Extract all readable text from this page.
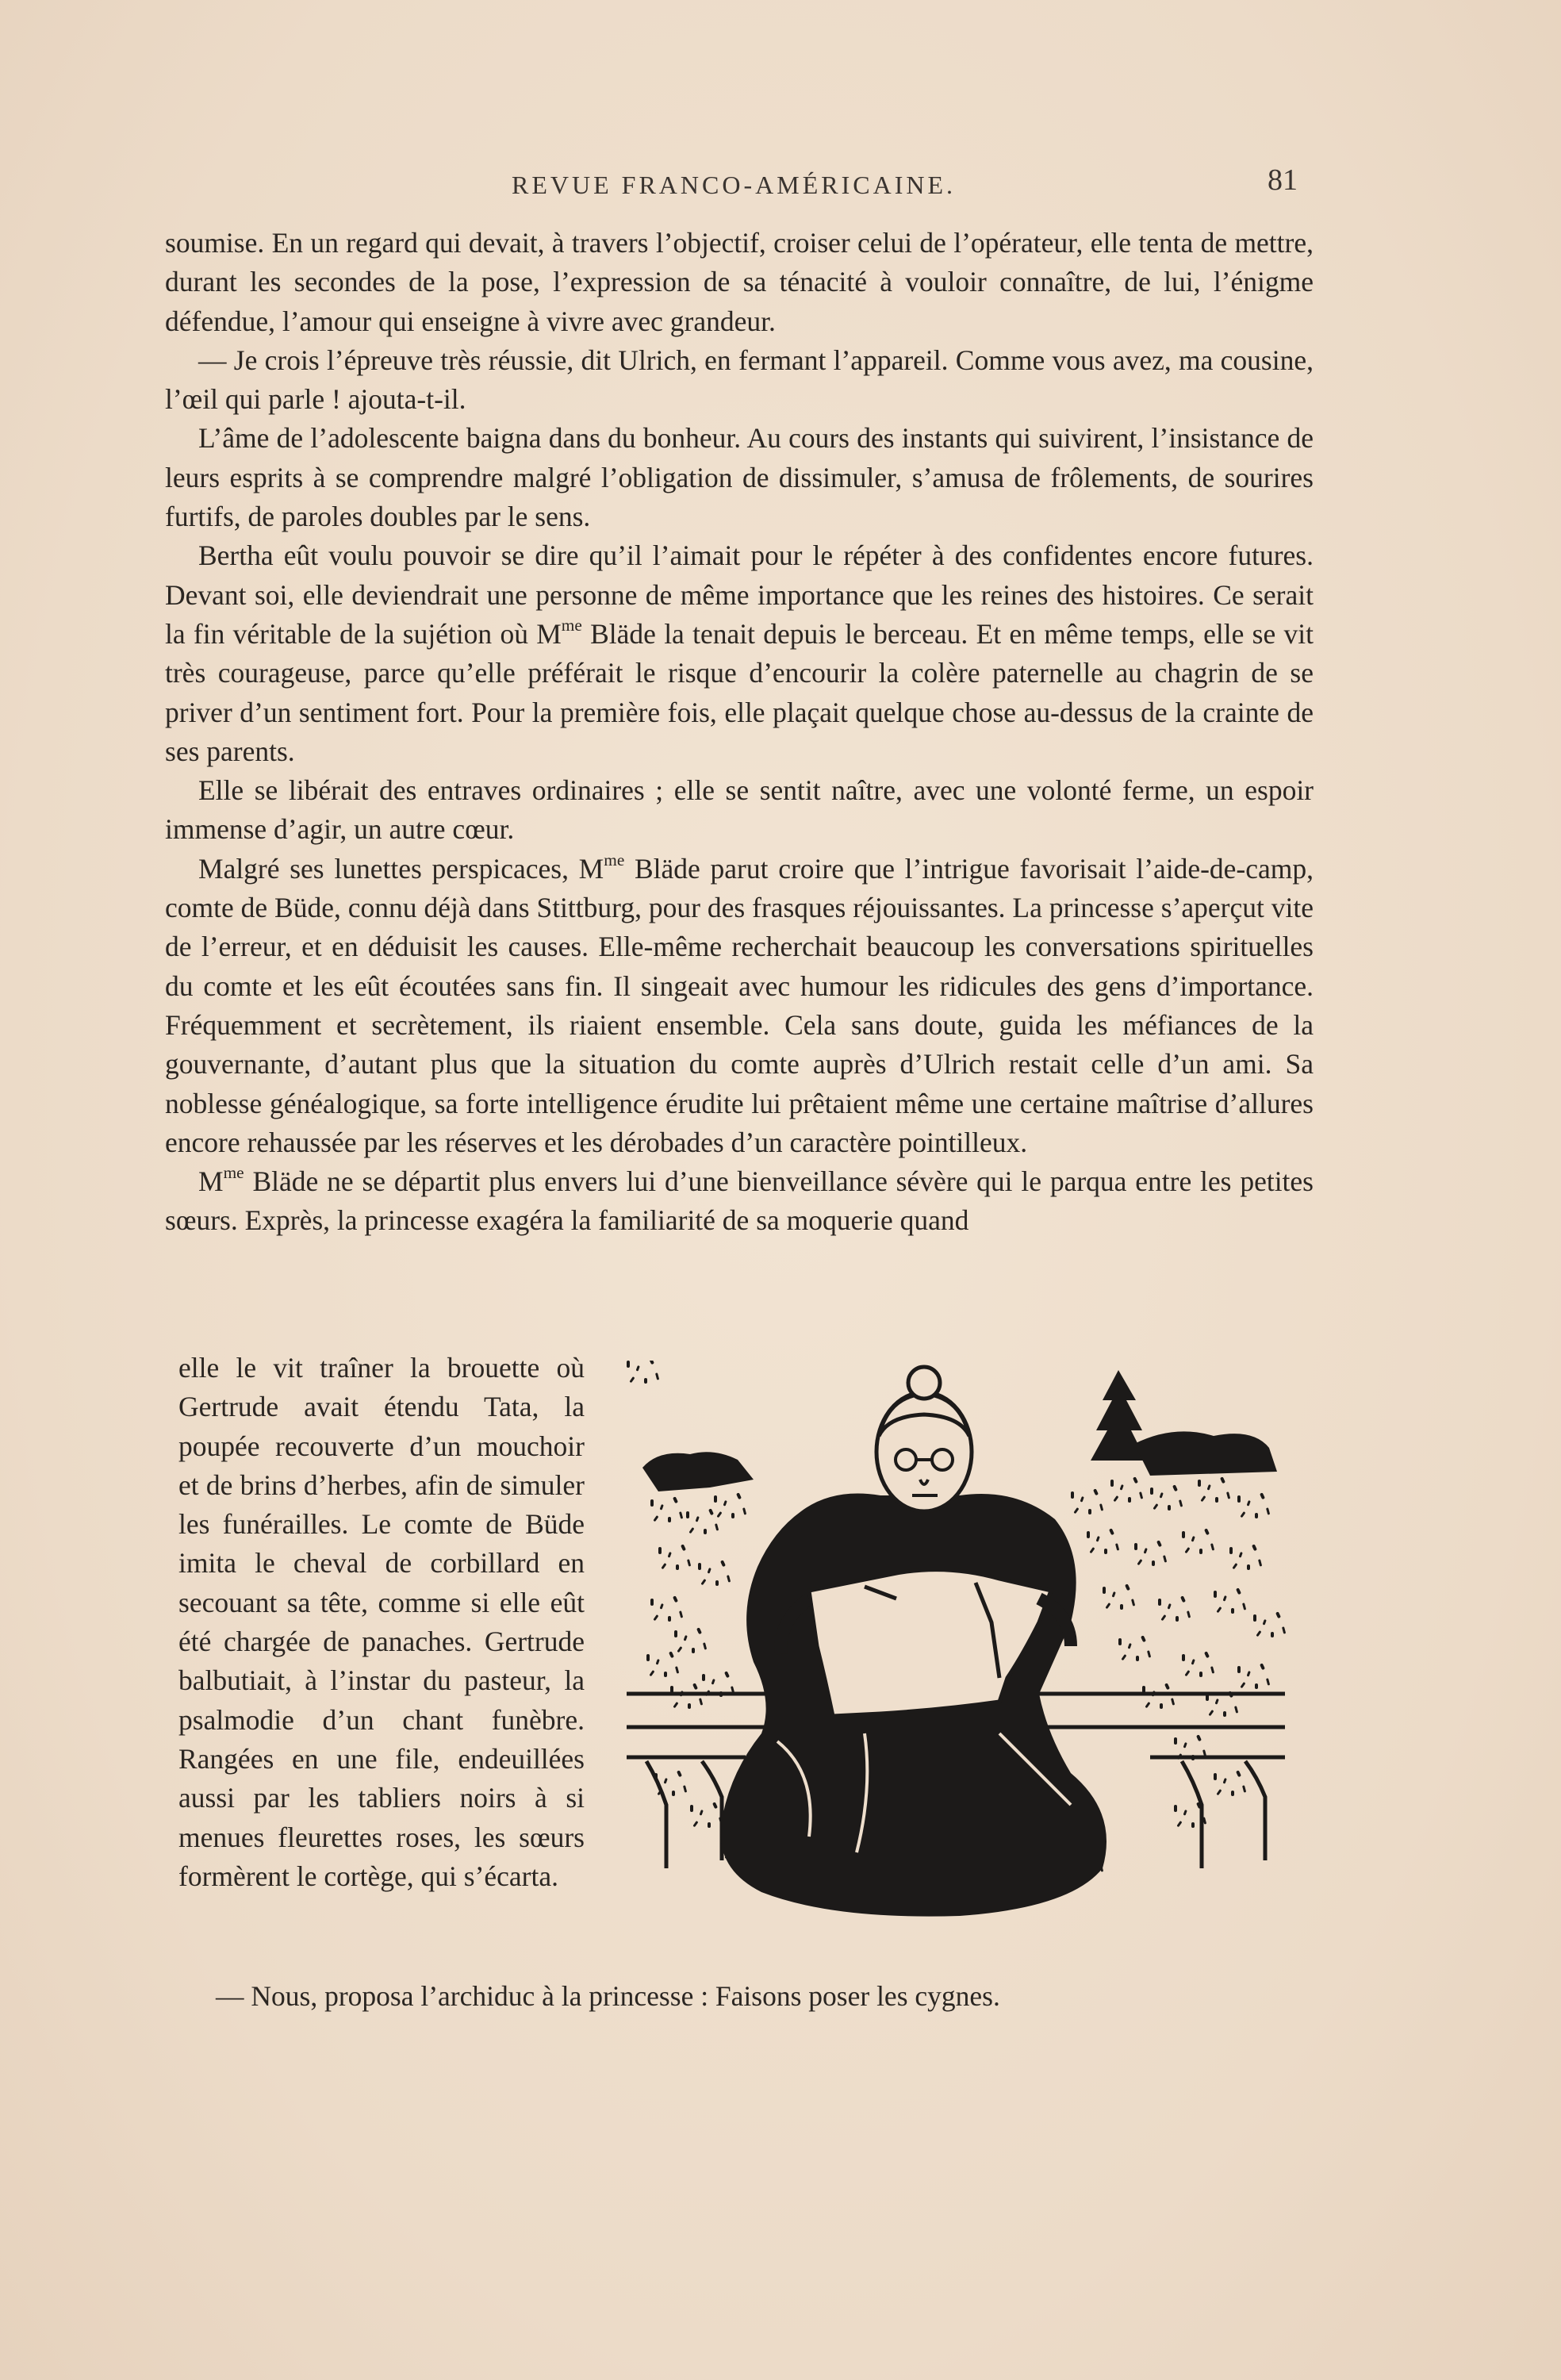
REVUE FRANCO-AMÉRICAINE.	81

soumise. En un regard qui devait, à travers l’objectif, croiser celui de l’opérateur, elle tenta de mettre, durant les secondes de la pose, l’expression de sa ténacité à vouloir connaître, de lui, l’énigme défendue, l’amour qui enseigne à vivre avec grandeur.

— Je crois l’épreuve très réussie, dit Ulrich, en fermant l’appareil. Comme vous avez, ma cousine, l’œil qui parle ! ajouta-t-il.

L’âme de l’adolescente baigna dans du bonheur. Au cours des instants qui suivirent, l’insistance de leurs esprits à se comprendre malgré l’obligation de dissimuler, s’amusa de frôlements, de sourires furtifs, de paroles doubles par le sens.

Bertha eût voulu pouvoir se dire qu’il l’aimait pour le répéter à des confidentes encore futures. Devant soi, elle deviendrait une personne de même importance que les reines des histoires. Ce serait la fin véritable de la sujétion où $M^{me}$ Bläde la tenait depuis le berceau. Et en même temps, elle se vit très courageuse, parce qu’elle préférait le risque d’encourir la colère paternelle au chagrin de se priver d’un sentiment fort. Pour la première fois, elle plaçait quelque chose au-dessus de la crainte de ses parents.

Elle se libérait des entraves ordinaires ; elle se sentit naître, avec une volonté ferme, un espoir immense d’agir, un autre cœur.

Malgré ses lunettes perspicaces, $M^{me}$ Bläde parut croire que l’intrigue favorisait l’aide-de-camp, comte de Büde, connu déjà dans Stittburg, pour des frasques réjouissantes. La princesse s’aperçut vite de l’erreur, et en déduisit les causes. Elle-même recherchait beaucoup les conversations spirituelles du comte et les eût écoutées sans fin. Il singeait avec humour les ridicules des gens d’importance. Fréquemment et secrètement, ils riaient ensemble. Cela sans doute, guida les méfiances de la gouvernante, d’autant plus que la situation du comte auprès d’Ulrich restait celle d’un ami. Sa noblesse généalogique, sa forte intelligence érudite lui prêtaient même une certaine maîtrise d’allures encore rehaussée par les réserves et les dérobades d’un caractère pointilleux.

$M^{me}$ Bläde ne se départit plus envers lui d’une bienveillance sévère qui le parqua entre les petites sœurs. Exprès, la princesse exagéra la familiarité de sa moquerie quand

elle le vit traîner la brouette où Gertrude avait étendu Tata, la poupée recouverte d’un mouchoir et de brins d’herbes, afin de simuler les funérailles. Le comte de Büde imita le cheval de corbillard en secouant sa tête, comme si elle eût été chargée de panaches. Gertrude balbutiait, à l’instar du pasteur, la psalmodie d’un chant funèbre. Rangées en une file, endeuillées aussi par les tabliers noirs à si menues fleurettes roses, les sœurs formèrent le cortège, qui s’écarta.

— Nous, proposa l’archiduc à la princesse : Faisons poser les cygnes.
